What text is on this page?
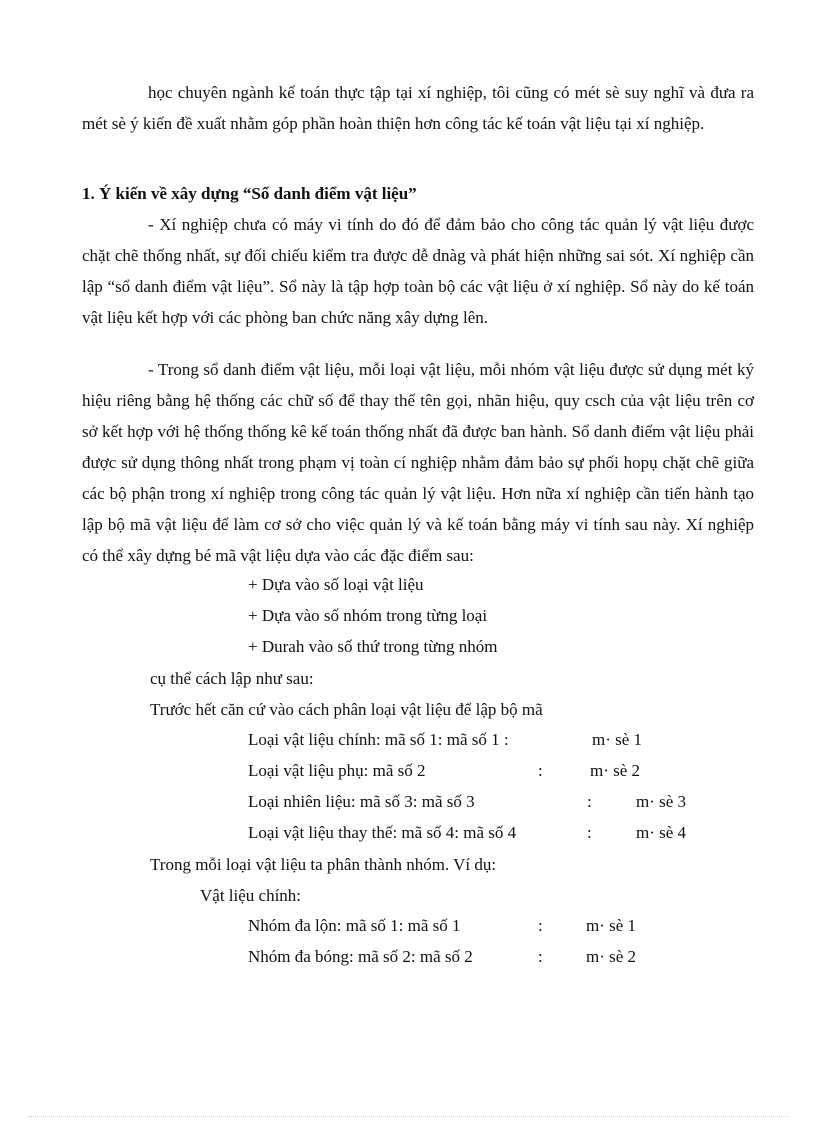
học chuyên ngành kế toán thực tập tại xí nghiệp, tôi cũng có mét sè suy nghĩ và đưa ra mét sè ý kiến đề xuất nhằm góp phần hoàn thiện hơn công tác kế toán vật liệu tại xí nghiệp.

1. Ý kiến về xây dựng “Sổ danh điểm vật liệu”

- Xí nghiệp chưa có máy vi tính do đó để đảm bảo cho công tác quản lý vật liệu được chặt chẽ thống nhất, sự đối chiếu kiểm tra được dễ dnàg và phát hiện những sai sót. Xí nghiệp cần lập “sổ danh điểm vật liệu”. Sổ này là tập hợp toàn bộ các vật liệu ở xí nghiệp. Sổ này do kế toán vật liệu kết hợp với các phòng ban chức năng xây dựng lên.

- Trong sổ danh điểm vật liệu, mỗi loại vật liệu, mỗi nhóm vật liệu được sử dụng mét ký hiệu riêng bằng hệ thống các chữ số để thay thế tên gọi, nhãn hiệu, quy csch của vật liệu trên cơ sở kết hợp với hệ thống thống kê kế toán thống nhất đã được ban hành. Sổ danh điểm vật liệu phải được sử dụng thông nhất trong phạm vị toàn cí nghiệp nhằm đảm bảo sự phối hopụ chặt chẽ giữa các bộ phận trong xí nghiệp trong công tác quản lý vật liệu. Hơn nữa xí nghiệp cần tiến hành tạo lập bộ mã vật liệu để làm cơ sở cho việc quản lý và kế toán bằng máy vi tính sau này. Xí nghiệp có thể xây dựng bé mã vật liệu dựa vào các đặc điểm sau:

+ Dựa vào số loại vật liệu
+ Dựa vào số nhóm trong từng loại
+ Durah vào số thứ trong từng nhóm
cụ thể cách lập như sau:
Trước hết căn cứ vào cách phân loại vật liệu để lập bộ mã
Loại vật liệu chính: mã số 1: mã số 1 :	m· sè 1
Loại vật liệu phụ: mã số 2	:	m· sè 2
Loại nhiên liệu: mã số 3: mã số 3	:	m· sè 3
Loại vật liệu thay thế: mã số 4: mã số 4	:	m· sè 4
Trong mỗi loại vật liệu ta phân thành nhóm. Ví dụ:
Vật liệu chính:
Nhóm đa lộn: mã số 1: mã số 1	:	m· sè 1
Nhóm đa bóng: mã số 2: mã số 2	:	m· sè 2
